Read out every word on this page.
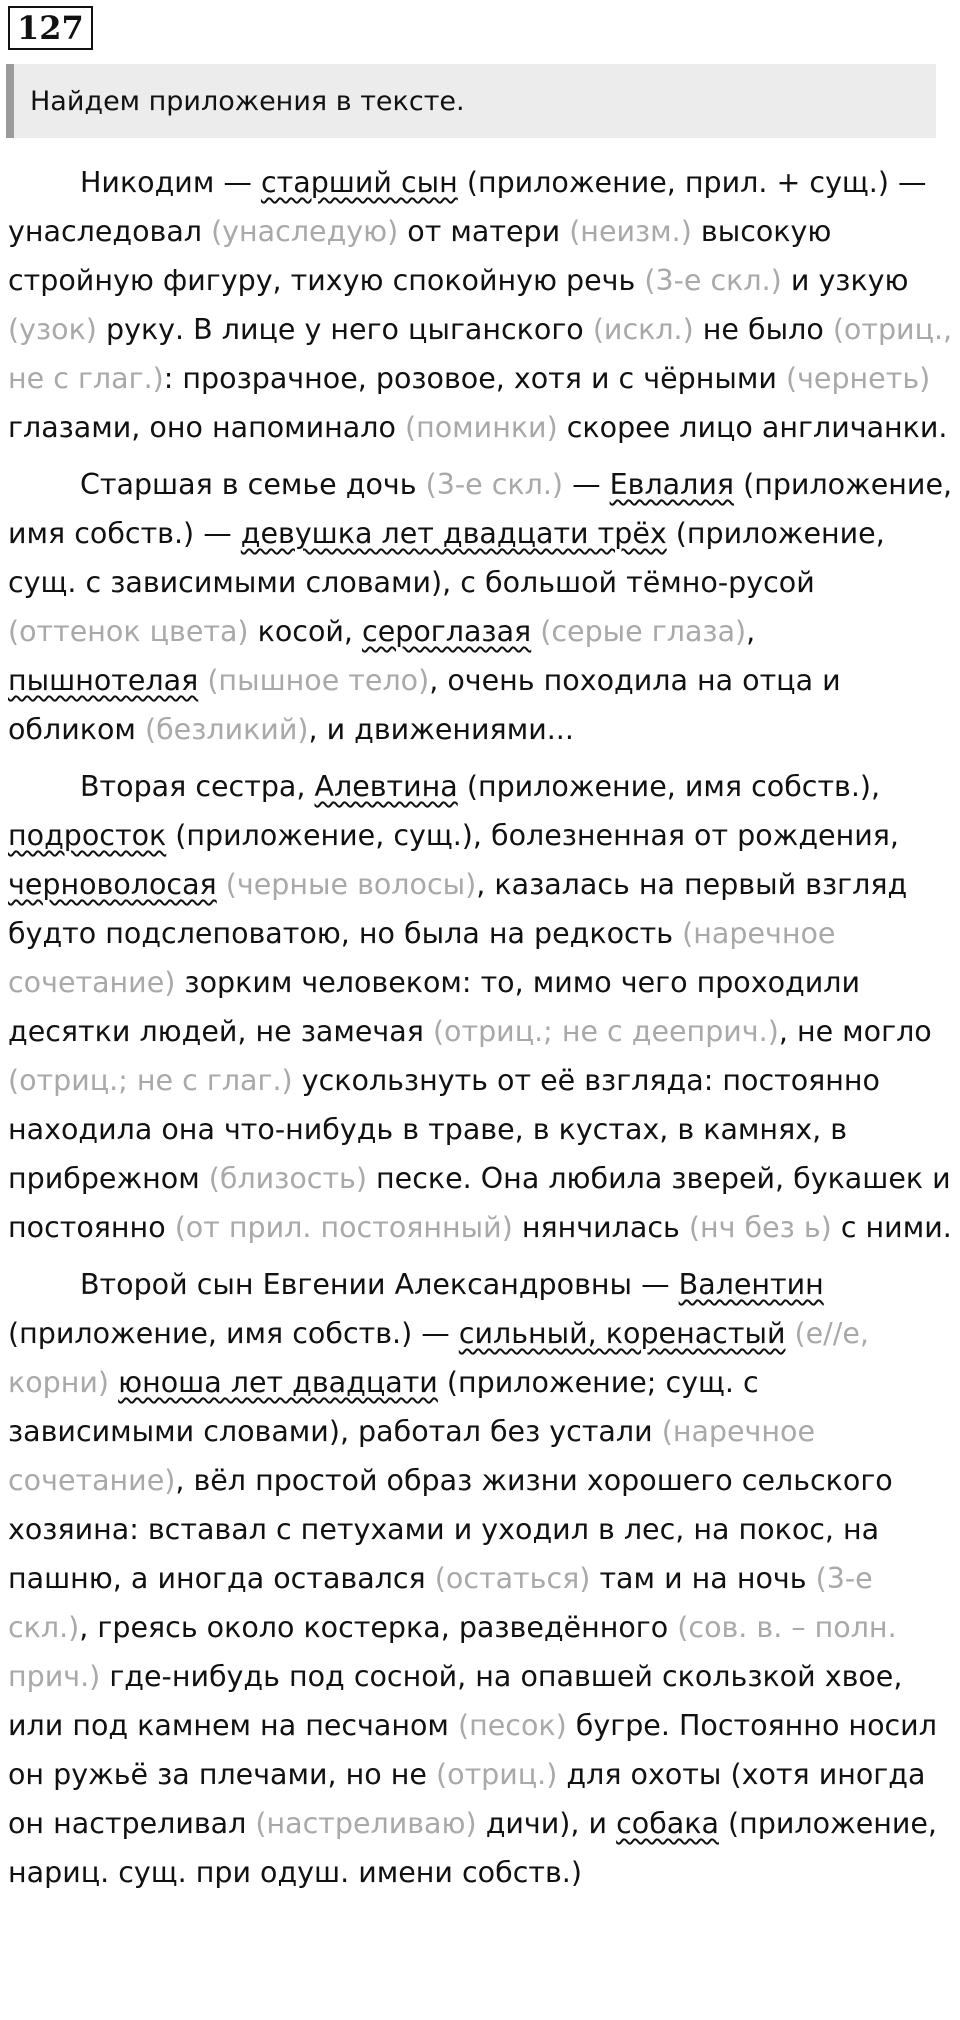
127
Найдем приложения в тексте.

Никодим — старший сын (приложение, прил. + сущ.) — унаследовал (унаследую) от матери (неизм.) высокую стройную фигуру, тихую спокойную речь (3-е скл.) и узкую (узок) руку. В лице у него цыганского (искл.) не было (отриц., не с глаг.): прозрачное, розовое, хотя и с чёрными (чернеть) глазами, оно напоминало (поминки) скорее лицо англичанки.

Старшая в семье дочь (3-е скл.) — Евлалия (приложение, имя собств.) — девушка лет двадцати трёх (приложение, сущ. с зависимыми словами), с большой тёмно-русой (оттенок цвета) косой, сероглазая (серые глаза), пышнотелая (пышное тело), очень походила на отца и обликом (безликий), и движениями...

Вторая сестра, Алевтина (приложение, имя собств.), подросток (приложение, сущ.), болезненная от рождения, черноволосая (черные волосы), казалась на первый взгляд будто подслеповатою, но была на редкость (наречное сочетание) зорким человеком: то, мимо чего проходили десятки людей, не замечая (отриц.; не с дееприч.), не могло (отриц.; не с глаг.) ускользнуть от её взгляда: постоянно находила она что-нибудь в траве, в кустах, в камнях, в прибрежном (близость) песке. Она любила зверей, букашек и постоянно (от прил. постоянный) нянчилась (нч без ь) с ними.

Второй сын Евгении Александровны — Валентин (приложение, имя собств.) — сильный, коренастый (е//е, корни) юноша лет двадцати (приложение; сущ. с зависимыми словами), работал без устали (наречное сочетание), вёл простой образ жизни хорошего сельского хозяина: вставал с петухами и уходил в лес, на покос, на пашню, а иногда оставался (остаться) там и на ночь (3-е скл.), греясь около костерка, разведённого (сов. в. – полн. прич.) где-нибудь под сосной, на опавшей скользкой хвое, или под камнем на песчаном (песок) бугре. Постоянно носил он ружьё за плечами, но не (отриц.) для охоты (хотя иногда он настреливал (настреливаю) дичи), и собака (приложение, нариц. сущ. при одуш. имени собств.)
